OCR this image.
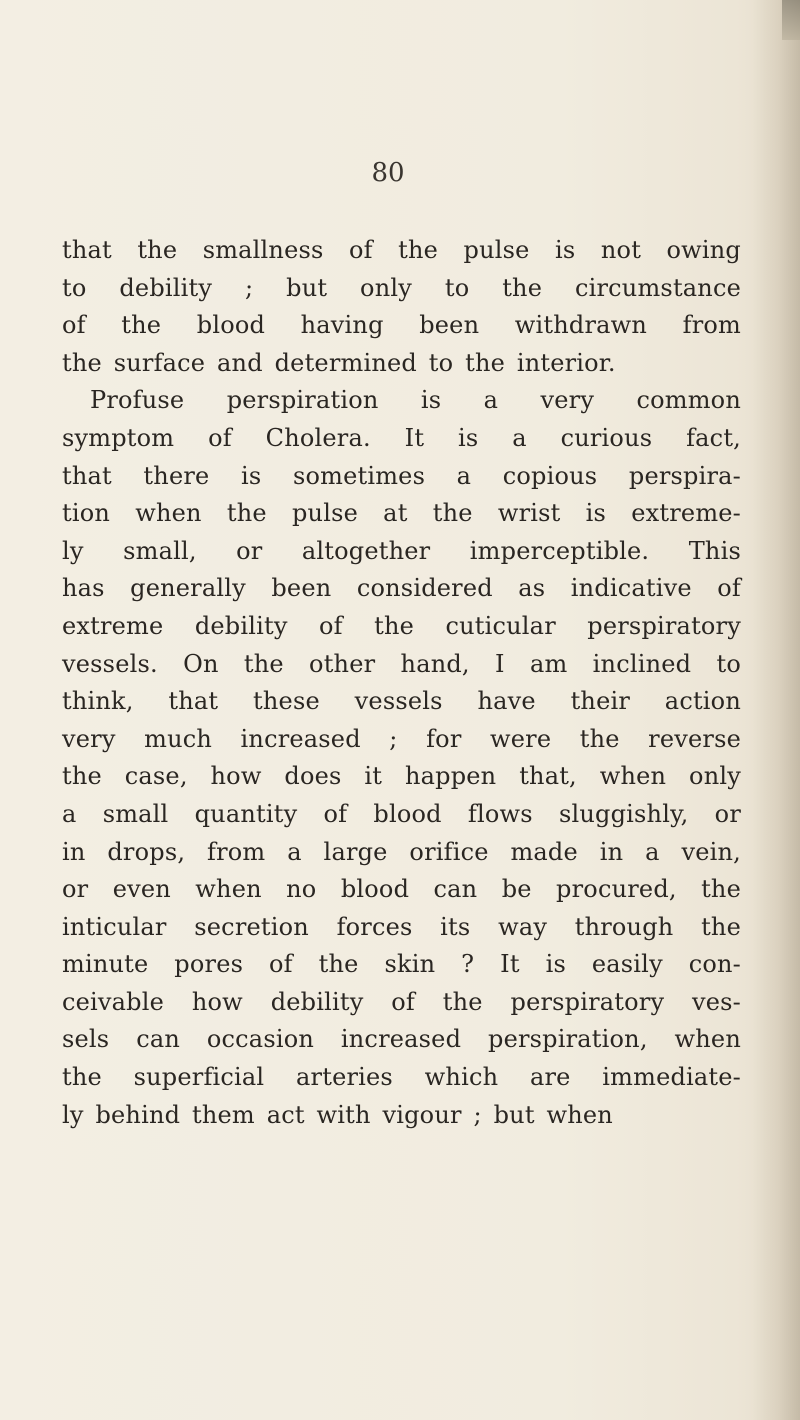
80
that the smallness of the pulse is not owing
to debility ; but only to the circumstance
of the blood having been withdrawn from
the surface and determined to the interior.
Profuse perspiration is a very common
symptom of Cholera. It is a curious fact,
that there is sometimes a copious perspira-
tion when the pulse at the wrist is extreme-
ly small, or altogether imperceptible. This
has generally been considered as indicative of
extreme debility of the cuticular perspiratory
vessels. On the other hand, I am inclined to
think, that these vessels have their action
very much increased ; for were the reverse
the case, how does it happen that, when only
a small quantity of blood flows sluggishly, or
in drops, from a large orifice made in a vein,
or even when no blood can be procured, the
inticular secretion forces its way through the
minute pores of the skin ? It is easily con-
ceivable how debility of the perspiratory ves-
sels can occasion increased perspiration, when
the superficial arteries which are immediate-
ly behind them act with vigour ; but when
